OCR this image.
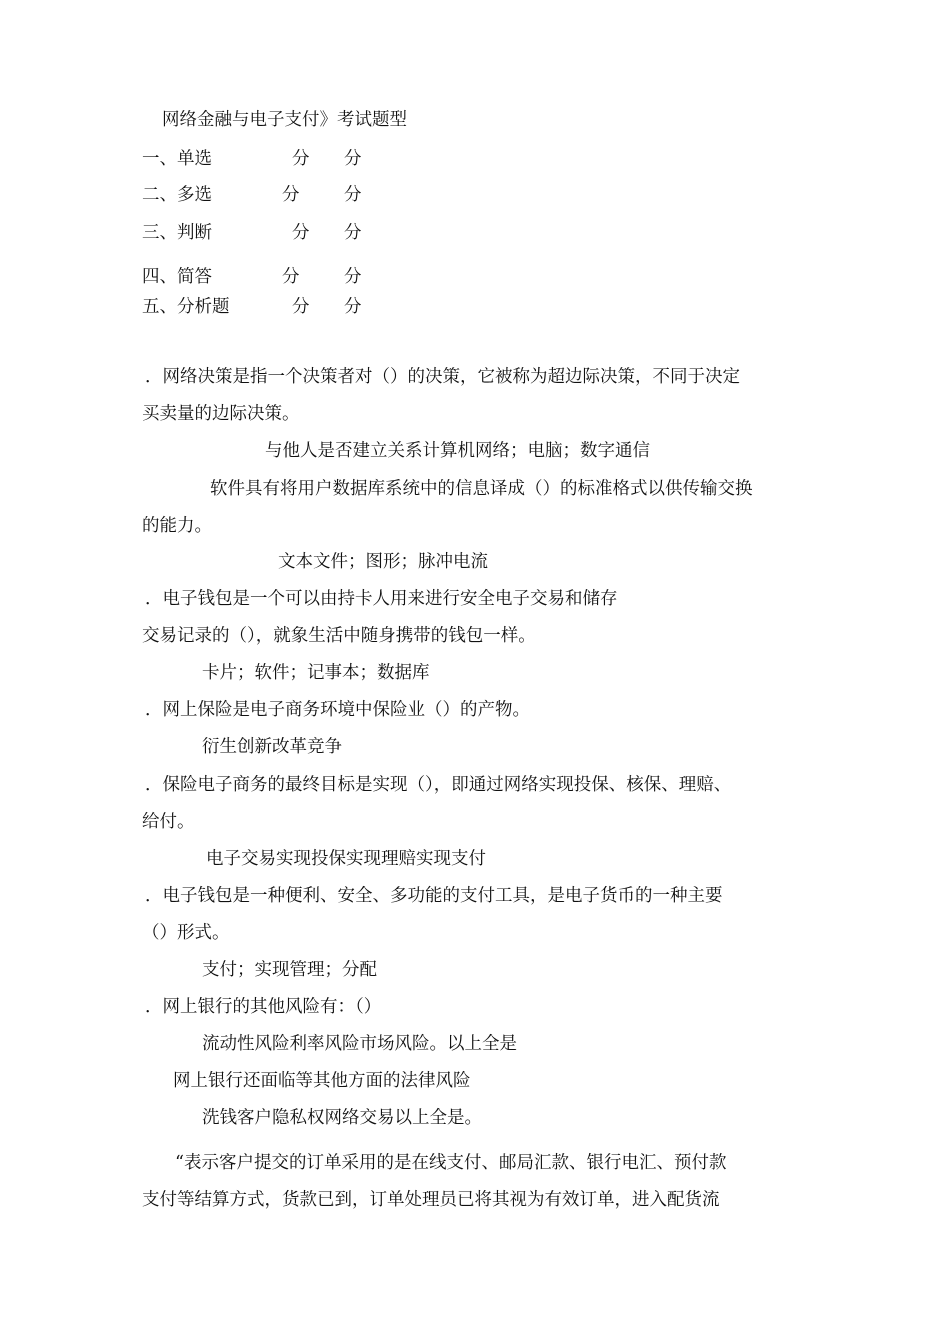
网络金融与电子支付》考试题型
一、单选	分 分
二、多选	分	分
三、判断	分 分
四、简答	分	分
五、分析题	分 分
．网络决策是指一个决策者对（）的决策，它被称为超边际决策，不同于决定
买卖量的边际决策。
与他人是否建立关系计算机网络；电脑；数字通信
软件具有将用户数据库系统中的信息译成（）的标准格式以供传输交换
的能力。
文本文件；图形；脉冲电流
．电子钱包是一个可以由持卡人用来进行安全电子交易和储存
交易记录的（），就象生活中随身携带的钱包一样。
卡片；软件；记事本；数据库
．网上保险是电子商务环境中保险业（）的产物。
衍生创新改革竞争
．保险电子商务的最终目标是实现（），即通过网络实现投保、核保、理赔、
给付。
电子交易实现投保实现理赔实现支付
．电子钱包是一种便利、安全、多功能的支付工具，是电子货币的一种主要
（）形式。
支付；实现管理；分配
．网上银行的其他风险有：（）
流动性风险利率风险市场风险。以上全是
网上银行还面临等其他方面的法律风险
洗钱客户隐私权网络交易以上全是。
“表示客户提交的订单采用的是在线支付、邮局汇款、银行电汇、预付款
支付等结算方式，货款已到，订单处理员已将其视为有效订单，进入配货流
